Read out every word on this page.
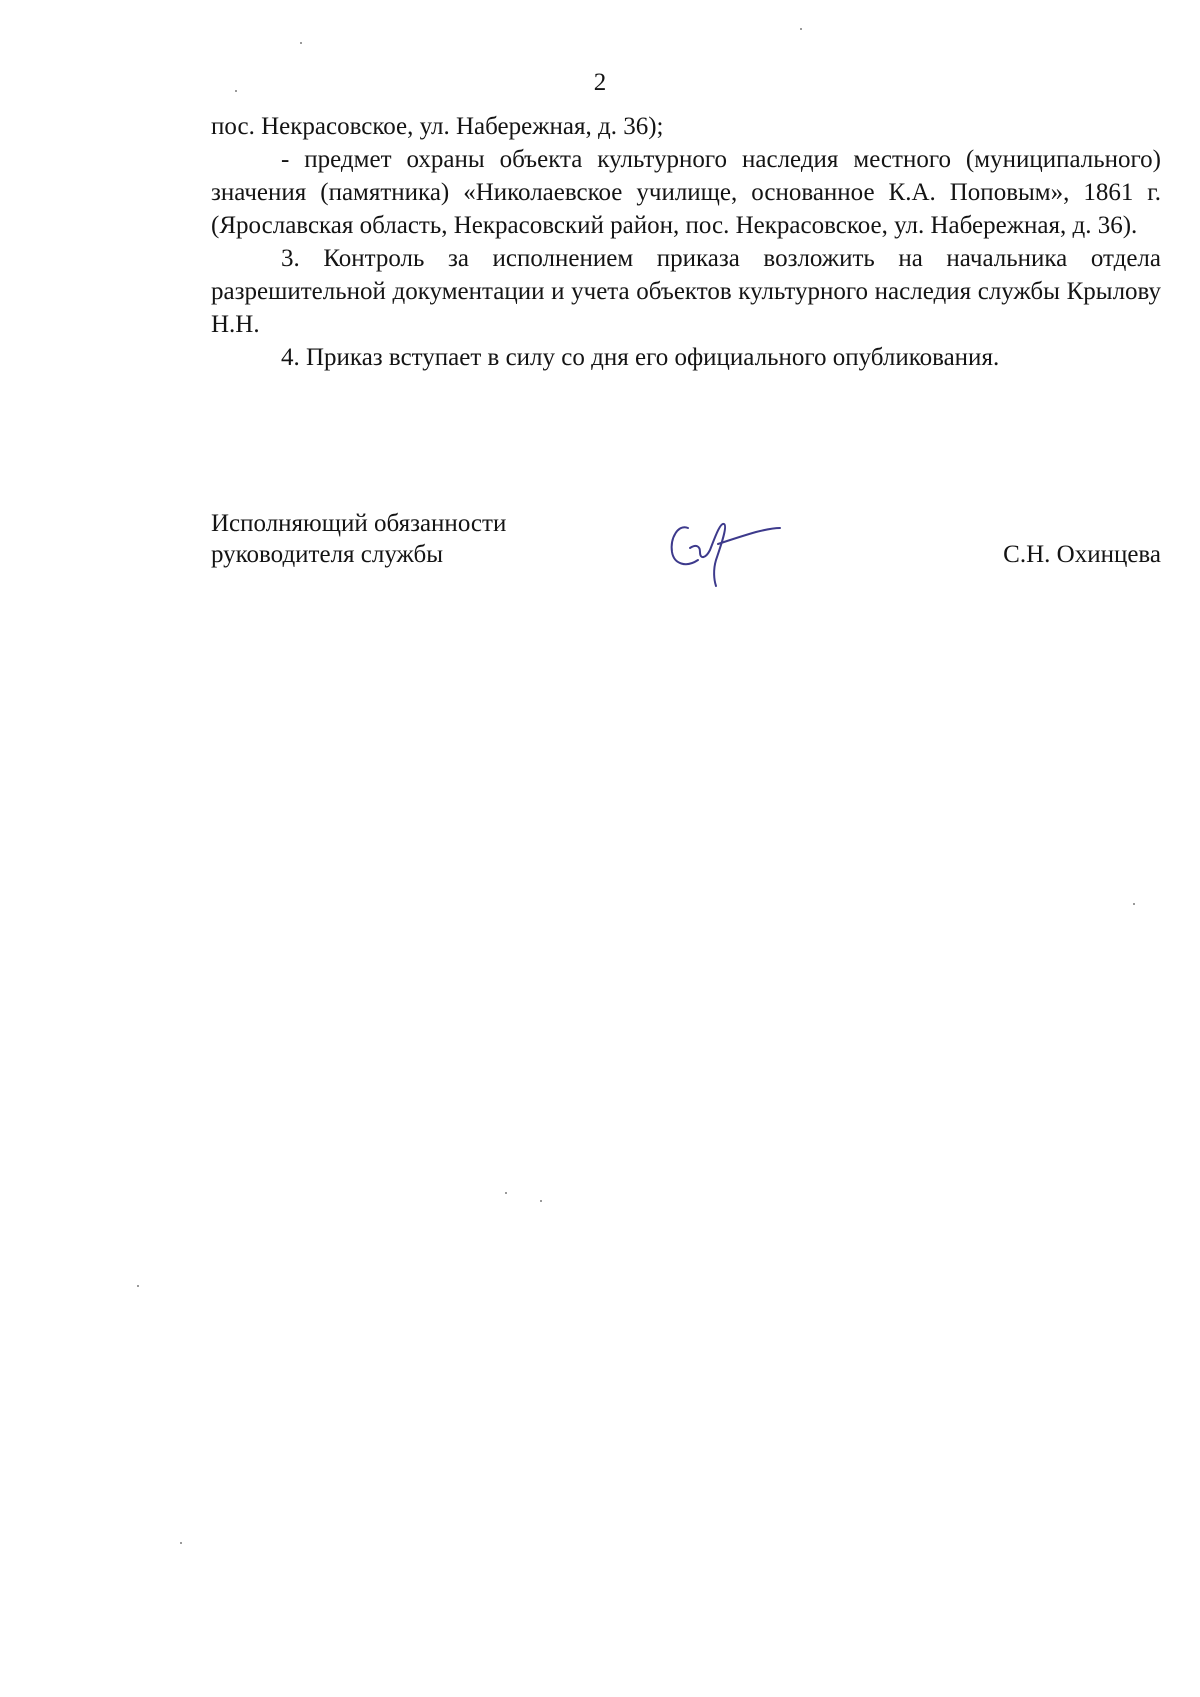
2

пос. Некрасовское, ул. Набережная, д. 36);

- предмет охраны объекта культурного наследия местного (муниципального) значения (памятника) «Николаевское училище, основанное К.А. Поповым», 1861 г. (Ярославская область, Некрасовский район, пос. Некрасовское, ул. Набережная, д. 36).

3. Контроль за исполнением приказа возложить на начальника отдела разрешительной документации и учета объектов культурного наследия службы Крылову Н.Н.

4. Приказ вступает в силу со дня его официального опубликования.

Исполняющий обязанности
руководителя службы	С.Н. Охинцева
